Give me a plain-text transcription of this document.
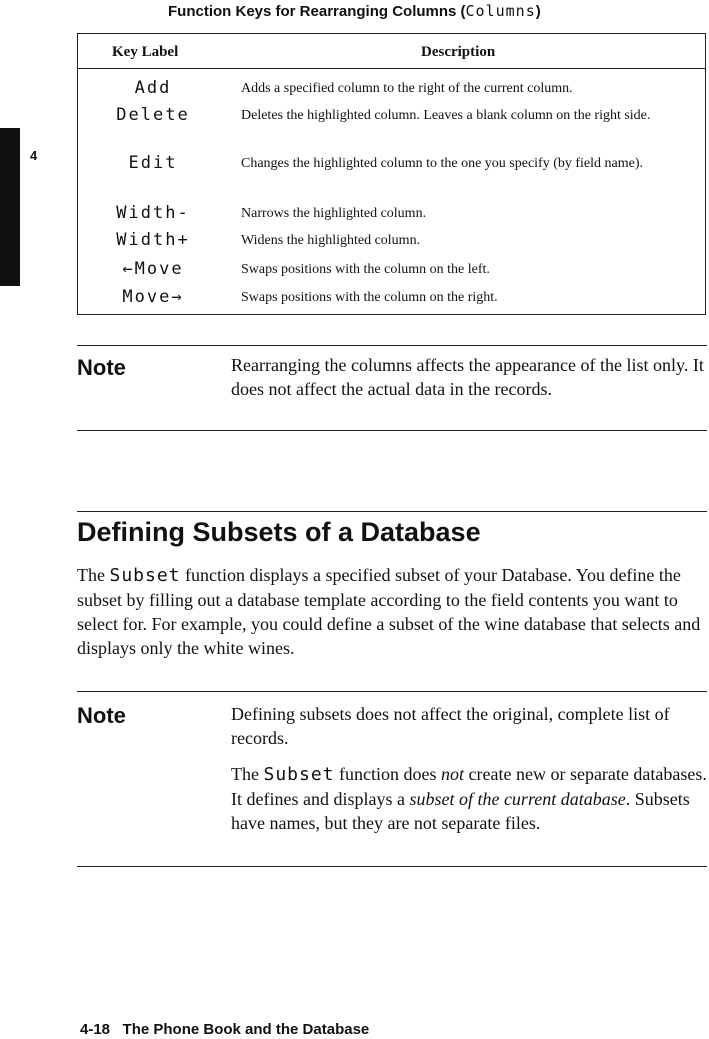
4
Function Keys for Rearranging Columns (Columns)
Key Label	Description
Add	Adds a specified column to the right of the current column.
Delete	Deletes the highlighted column. Leaves a blank column on the right side.
Edit	Changes the highlighted column to the one you specify (by field name).
Width-	Narrows the highlighted column.
Width+	Widens the highlighted column.
←Move	Swaps positions with the column on the left.
Move→	Swaps positions with the column on the right.
Note	Rearranging the columns affects the appearance of the list only. It does not affect the actual data in the records.
Defining Subsets of a Database

The Subset function displays a specified subset of your Database. You define the subset by filling out a database template according to the field contents you want to select for. For example, you could define a subset of the wine database that selects and displays only the white wines.

Note	Defining subsets does not affect the original, complete list of records.

The Subset function does not create new or separate databases. It defines and displays a subset of the current database. Subsets have names, but they are not separate files.

4-18 The Phone Book and the Database
